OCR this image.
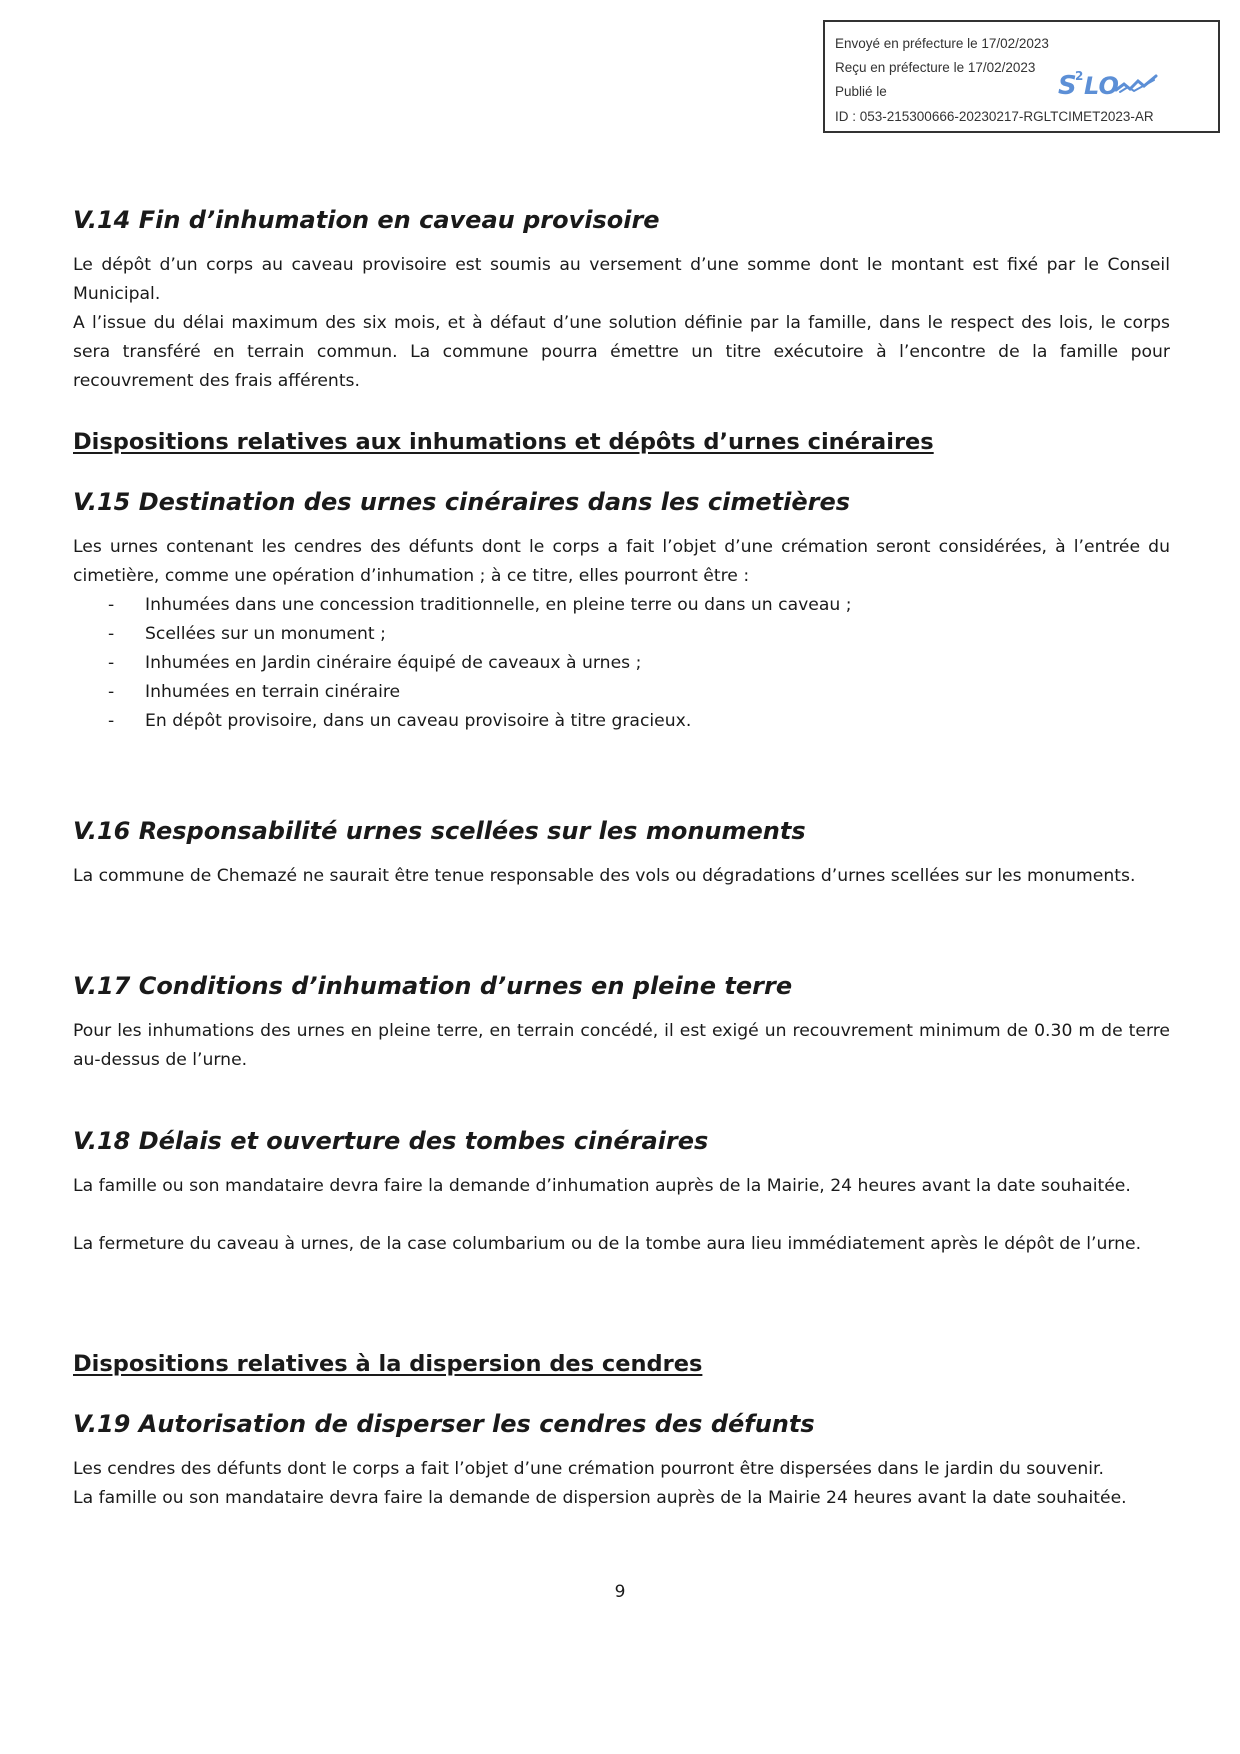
Envoyé en préfecture le 17/02/2023
Reçu en préfecture le 17/02/2023
Publié le
ID : 053-215300666-20230217-RGLTCIMET2023-AR
S
2 LO
V.14 Fin d’inhumation en caveau provisoire

Le dépôt d’un corps au caveau provisoire est soumis au versement d’une somme dont le montant est fixé par le Conseil Municipal.

A l’issue du délai maximum des six mois, et à défaut d’une solution définie par la famille, dans le respect des lois, le corps sera transféré en terrain commun. La commune pourra émettre un titre exécutoire à l’encontre de la famille pour recouvrement des frais afférents.

Dispositions relatives aux inhumations et dépôts d’urnes cinéraires
V.15 Destination des urnes cinéraires dans les cimetières

Les urnes contenant les cendres des défunts dont le corps a fait l’objet d’une crémation seront considérées, à l’entrée du cimetière, comme une opération d’inhumation ; à ce titre, elles pourront être :

- Inhumées dans une concession traditionnelle, en pleine terre ou dans un caveau ;
- Scellées sur un monument ;
- Inhumées en Jardin cinéraire équipé de caveaux à urnes ;
- Inhumées en terrain cinéraire
- En dépôt provisoire, dans un caveau provisoire à titre gracieux.
V.16 Responsabilité urnes scellées sur les monuments

La commune de Chemazé ne saurait être tenue responsable des vols ou dégradations d’urnes scellées sur les monuments.

V.17 Conditions d’inhumation d’urnes en pleine terre

Pour les inhumations des urnes en pleine terre, en terrain concédé, il est exigé un recouvrement minimum de 0.30 m de terre au-dessus de l’urne.

V.18 Délais et ouverture des tombes cinéraires

La famille ou son mandataire devra faire la demande d’inhumation auprès de la Mairie, 24 heures avant la date souhaitée.

La fermeture du caveau à urnes, de la case columbarium ou de la tombe aura lieu immédiatement après le dépôt de l’urne.

Dispositions relatives à la dispersion des cendres
V.19 Autorisation de disperser les cendres des défunts

Les cendres des défunts dont le corps a fait l’objet d’une crémation pourront être dispersées dans le jardin du souvenir.

La famille ou son mandataire devra faire la demande de dispersion auprès de la Mairie 24 heures avant la date souhaitée.

9
